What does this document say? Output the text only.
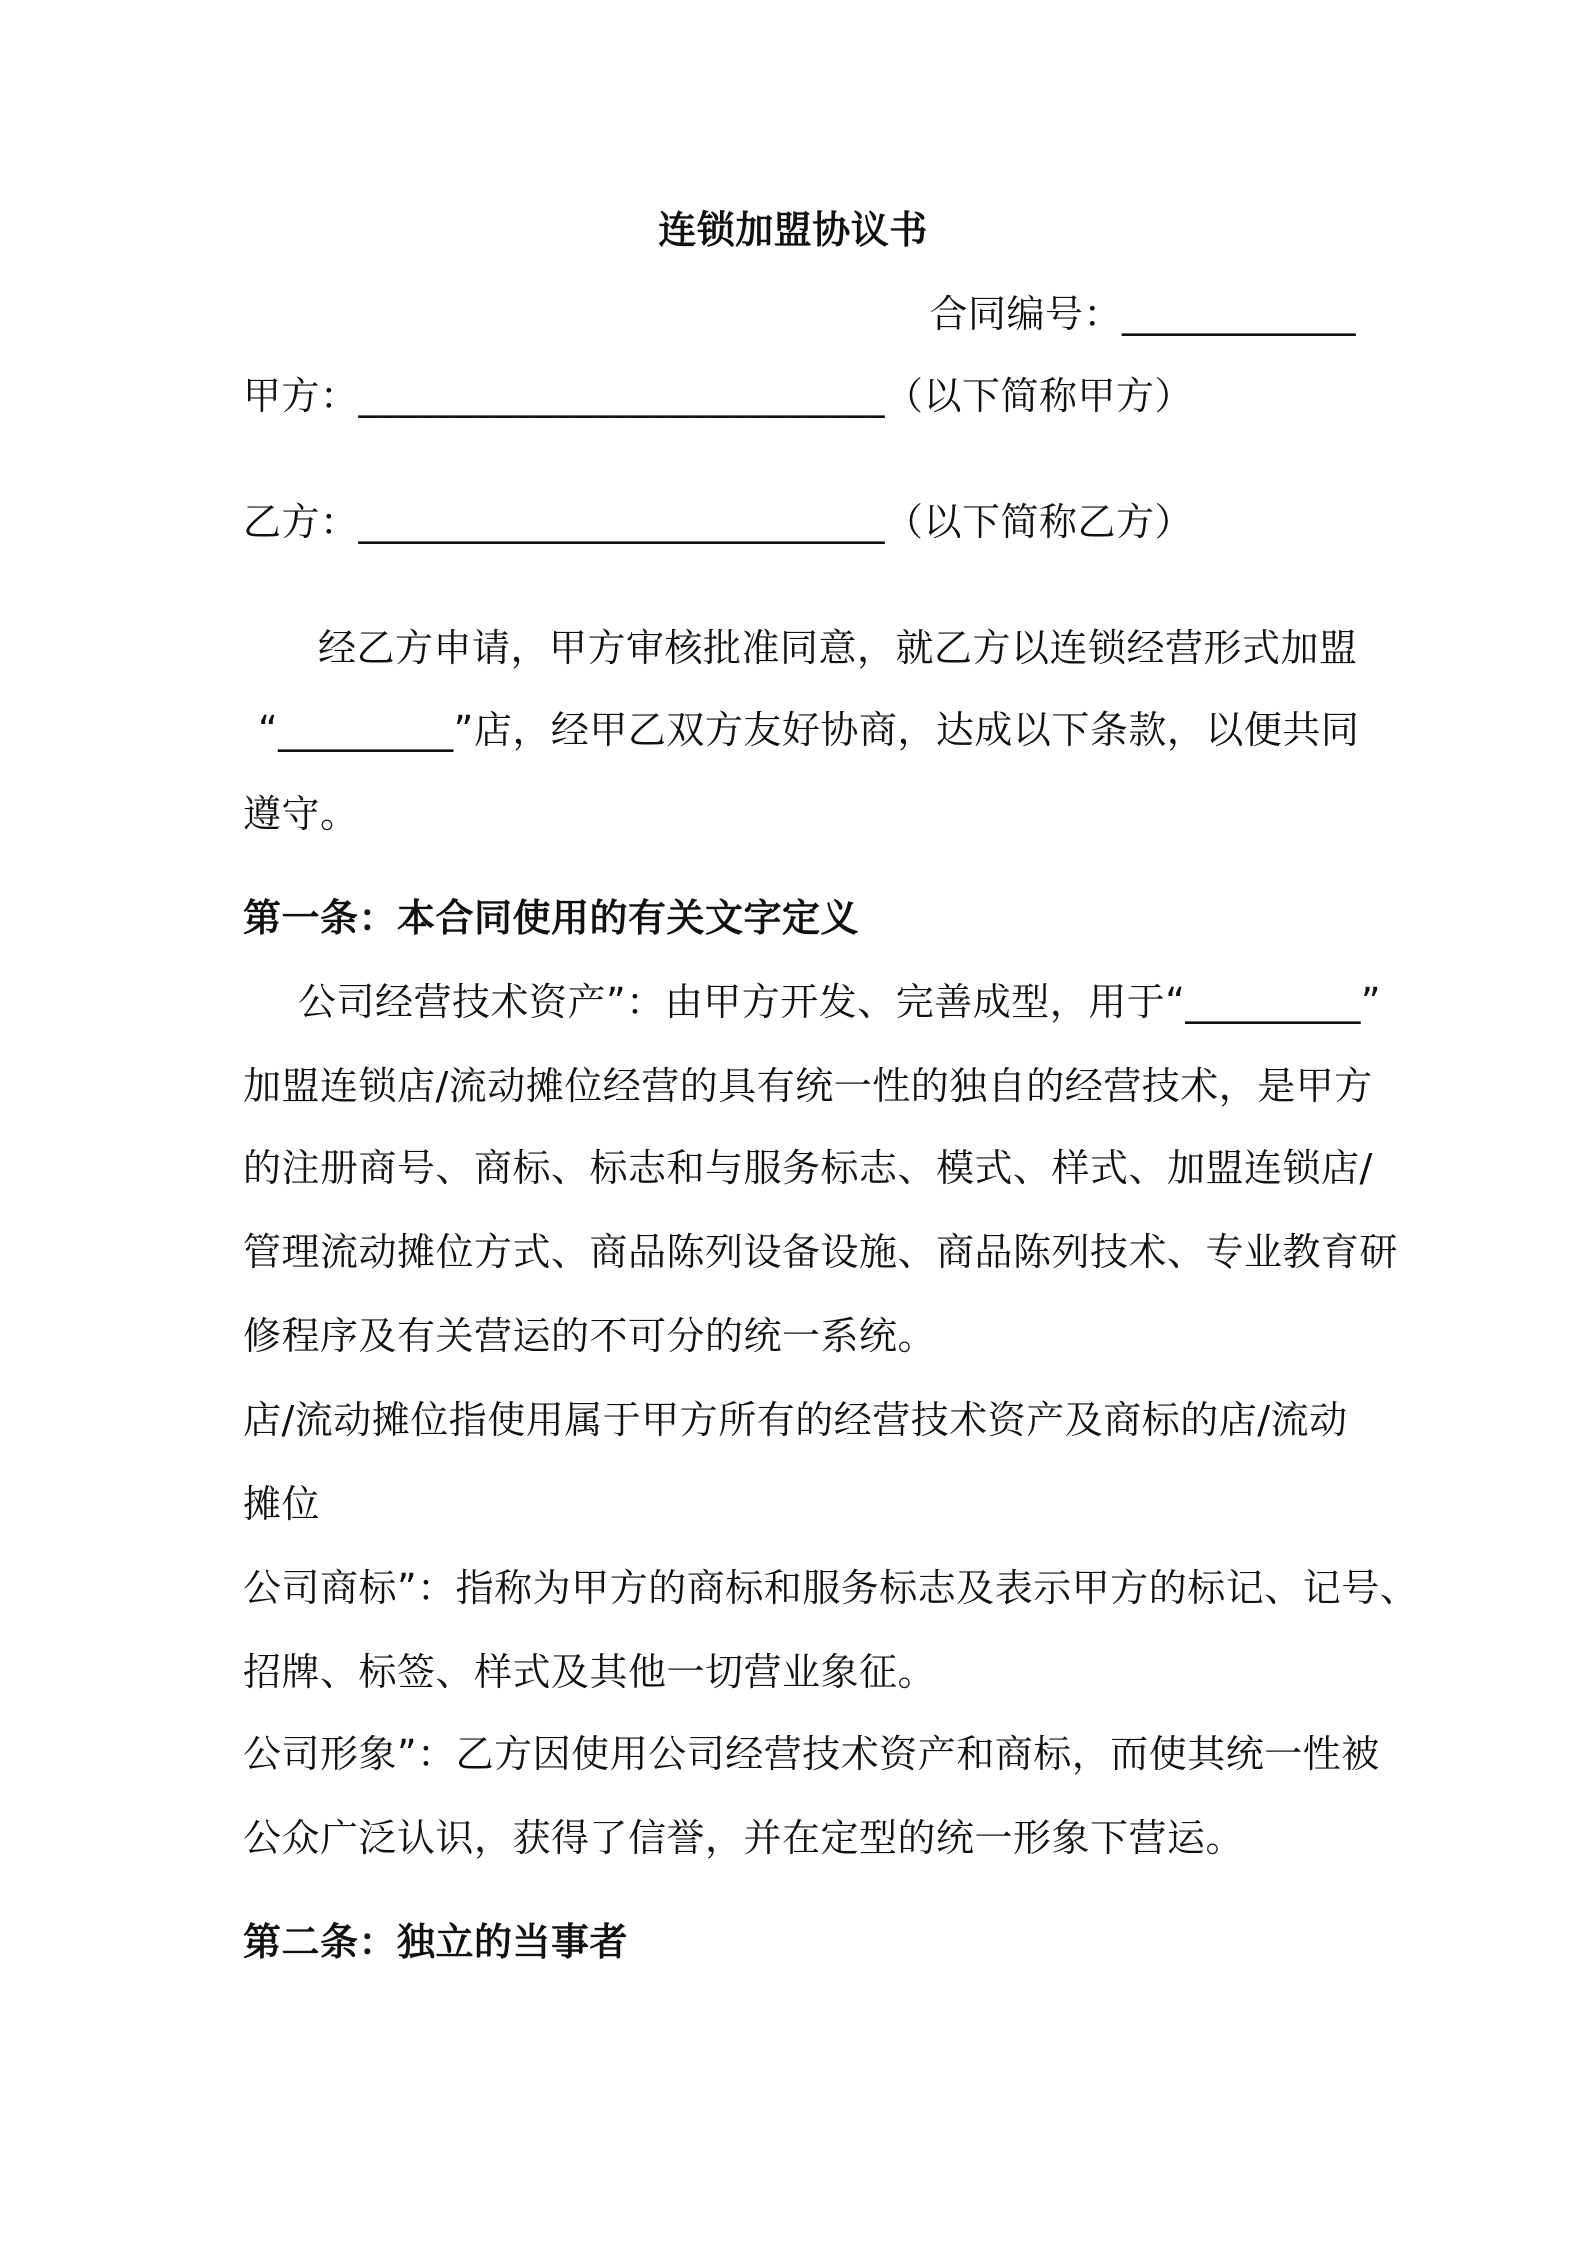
连锁加盟协议书
合同编号：____________
甲方：___________________________（以下简称甲方）
乙方：___________________________（以下简称乙方）
经乙方申请，甲方审核批准同意，就乙方以连锁经营形式加盟
“_________”店，经甲乙双方友好协商，达成以下条款，以便共同
遵守。
第一条：本合同使用的有关文字定义
公司经营技术资产”：由甲方开发、完善成型，用于“_________”
加盟连锁店/流动摊位经营的具有统一性的独自的经营技术，是甲方
的注册商号、商标、标志和与服务标志、模式、样式、加盟连锁店/
管理流动摊位方式、商品陈列设备设施、商品陈列技术、专业教育研
修程序及有关营运的不可分的统一系统。
店/流动摊位指使用属于甲方所有的经营技术资产及商标的店/流动
摊位
公司商标”：指称为甲方的商标和服务标志及表示甲方的标记、记号、
招牌、标签、样式及其他一切营业象征。
公司形象”：乙方因使用公司经营技术资产和商标，而使其统一性被
公众广泛认识，获得了信誉，并在定型的统一形象下营运。
第二条：独立的当事者
